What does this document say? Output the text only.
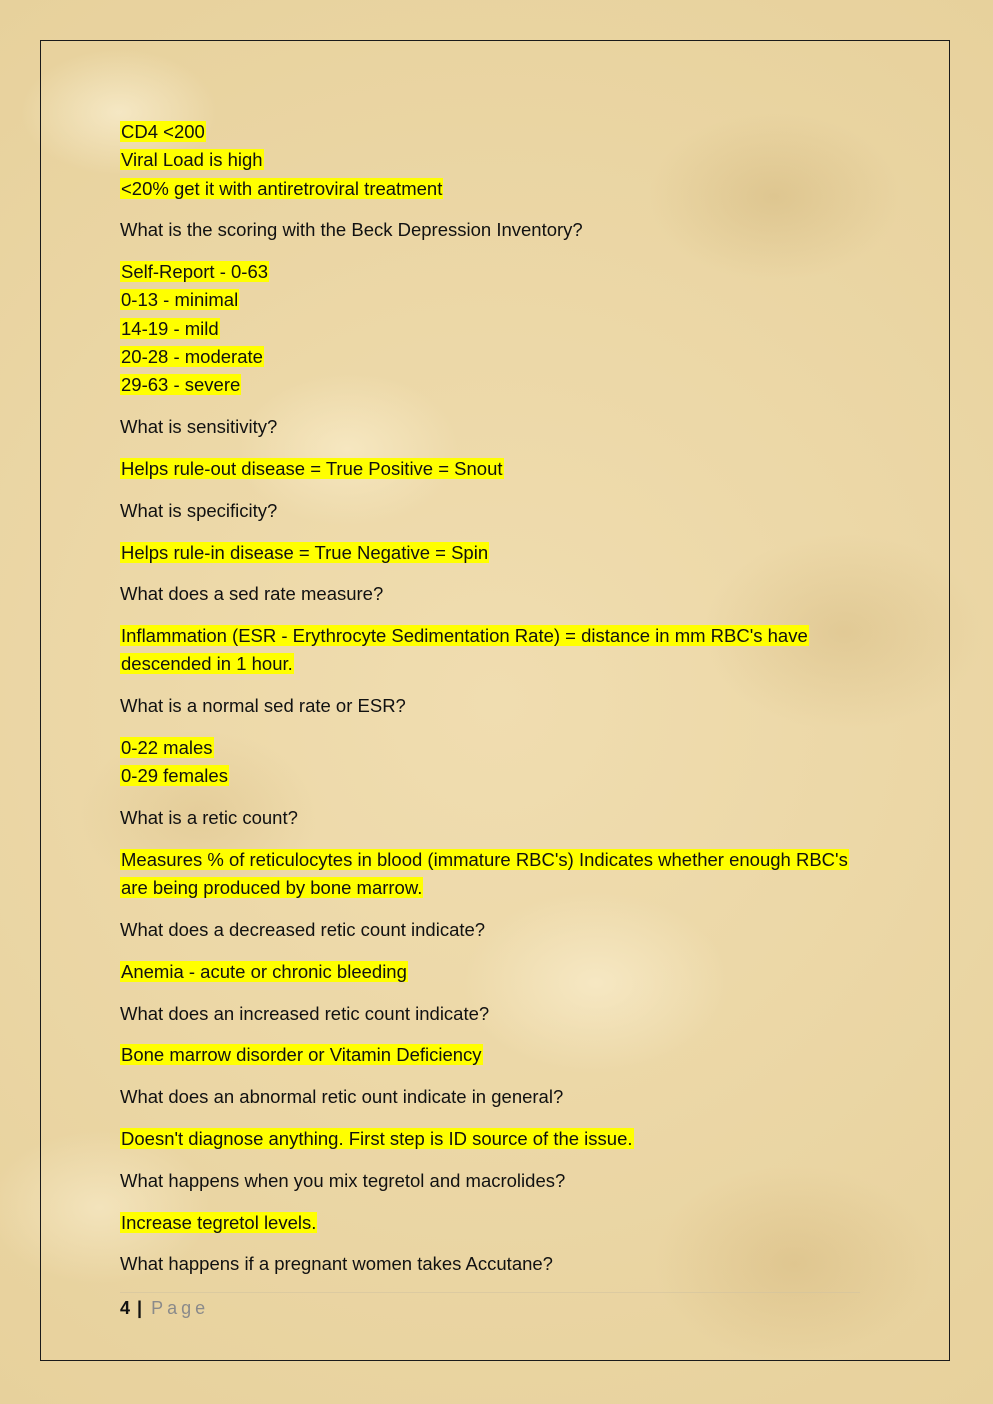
CD4 <200
Viral Load is high
<20% get it with antiretroviral treatment
What is the scoring with the Beck Depression Inventory?
Self-Report - 0-63
0-13 - minimal
14-19 - mild
20-28 - moderate
29-63 - severe
What is sensitivity?
Helps rule-out disease = True Positive = Snout
What is specificity?
Helps rule-in disease = True Negative = Spin
What does a sed rate measure?
Inflammation (ESR - Erythrocyte Sedimentation Rate) = distance in mm RBC's have descended in 1 hour.
What is a normal sed rate or ESR?
0-22 males
0-29 females
What is a retic count?
Measures % of reticulocytes in blood (immature RBC's) Indicates whether enough RBC's are being produced by bone marrow.
What does a decreased retic count indicate?
Anemia - acute or chronic bleeding
What does an increased retic count indicate?
Bone marrow disorder or Vitamin Deficiency
What does an abnormal retic ount indicate in general?
Doesn't diagnose anything. First step is ID source of the issue.
What happens when you mix tegretol and macrolides?
Increase tegretol levels.
What happens if a pregnant women takes Accutane?
4 | Page
